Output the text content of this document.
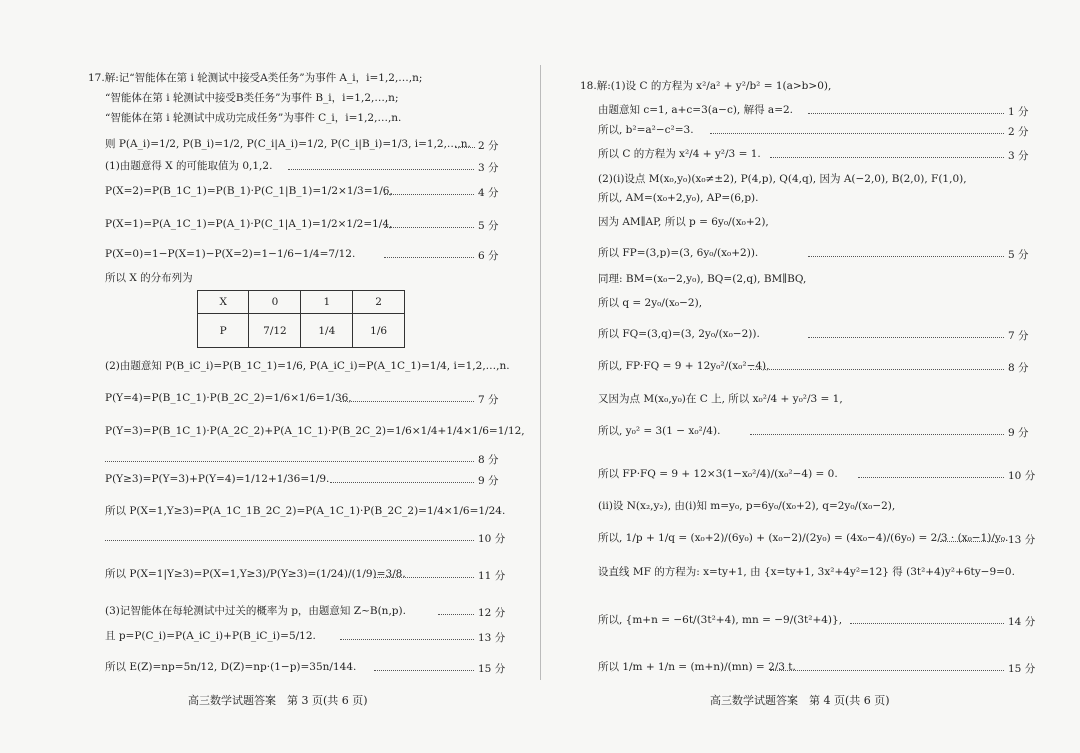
17.解:记“智能体在第 i 轮测试中接受A类任务”为事件 A_i，i=1,2,…,n;
“智能体在第 i 轮测试中接受B类任务”为事件 B_i，i=1,2,…,n;
“智能体在第 i 轮测试中成功完成任务”为事件 C_i，i=1,2,…,n.
则 P(A_i)=1/2, P(B_i)=1/2, P(C_i|A_i)=1/2, P(C_i|B_i)=1/3, i=1,2,…,n. 2 分
(1)由题意得 X 的可能取值为 0,1,2.	3 分
P(X=2)=P(B_1C_1)=P(B_1)·P(C_1|B_1)=1/2×1/3=1/6,	4 分
P(X=1)=P(A_1C_1)=P(A_1)·P(C_1|A_1)=1/2×1/2=1/4,	5 分
P(X=0)=1−P(X=1)−P(X=2)=1−1/6−1/4=7/12.	6 分
所以 X 的分布列为
X	0	1	2
P	7/12	1/4	1/6
(2)由题意知 P(B_iC_i)=P(B_1C_1)=1/6, P(A_iC_i)=P(A_1C_1)=1/4, i=1,2,…,n.
P(Y=4)=P(B_1C_1)·P(B_2C_2)=1/6×1/6=1/36,	7 分
P(Y=3)=P(B_1C_1)·P(A_2C_2)+P(A_1C_1)·P(B_2C_2)=1/6×1/4+1/4×1/6=1/12,
8 分
P(Y≥3)=P(Y=3)+P(Y=4)=1/12+1/36=1/9.	9 分
所以 P(X=1,Y≥3)=P(A_1C_1B_2C_2)=P(A_1C_1)·P(B_2C_2)=1/4×1/6=1/24.
10 分
所以 P(X=1|Y≥3)=P(X=1,Y≥3)/P(Y≥3)=(1/24)/(1/9)=3/8.	11 分
(3)记智能体在每轮测试中过关的概率为 p，由题意知 Z~B(n,p).	12 分
且 p=P(C_i)=P(A_iC_i)+P(B_iC_i)=5/12.	13 分
所以 E(Z)=np=5n/12, D(Z)=np·(1−p)=35n/144.	15 分
高三数学试题答案　第 3 页(共 6 页)
18.解:(1)设 C 的方程为 x²/a² + y²/b² = 1(a>b>0),
由题意知 c=1, a+c=3(a−c), 解得 a=2.	1 分
所以, b²=a²−c²=3.	2 分
所以 C 的方程为 x²/4 + y²/3 = 1.	3 分
(2)(i)设点 M(x₀,y₀)(x₀≠±2), P(4,p), Q(4,q), 因为 A(−2,0), B(2,0), F(1,0),
所以, AM=(x₀+2,y₀), AP=(6,p).
因为 AM∥AP, 所以 p = 6y₀/(x₀+2),
所以 FP=(3,p)=(3, 6y₀/(x₀+2)).	5 分
同理: BM=(x₀−2,y₀), BQ=(2,q), BM∥BQ,
所以 q = 2y₀/(x₀−2),
所以 FQ=(3,q)=(3, 2y₀/(x₀−2)).	7 分
所以, FP·FQ = 9 + 12y₀²/(x₀²−4),	8 分
又因为点 M(x₀,y₀)在 C 上, 所以 x₀²/4 + y₀²/3 = 1,
所以, y₀² = 3(1 − x₀²/4).	9 分
所以 FP·FQ = 9 + 12×3(1−x₀²/4)/(x₀²−4) = 0.	10 分
(ii)设 N(x₂,y₂), 由(i)知 m=y₀, p=6y₀/(x₀+2), q=2y₀/(x₀−2),
所以, 1/p + 1/q = (x₀+2)/(6y₀) + (x₀−2)/(2y₀) = (4x₀−4)/(6y₀) = 2/3 · (x₀−1)/y₀. 13 分
设直线 MF 的方程为: x=ty+1, 由 {x=ty+1, 3x²+4y²=12} 得 (3t²+4)y²+6ty−9=0.
所以, {m+n = −6t/(3t²+4), mn = −9/(3t²+4)},	14 分
所以 1/m + 1/n = (m+n)/(mn) = 2/3 t.	15 分
高三数学试题答案　第 4 页(共 6 页)
